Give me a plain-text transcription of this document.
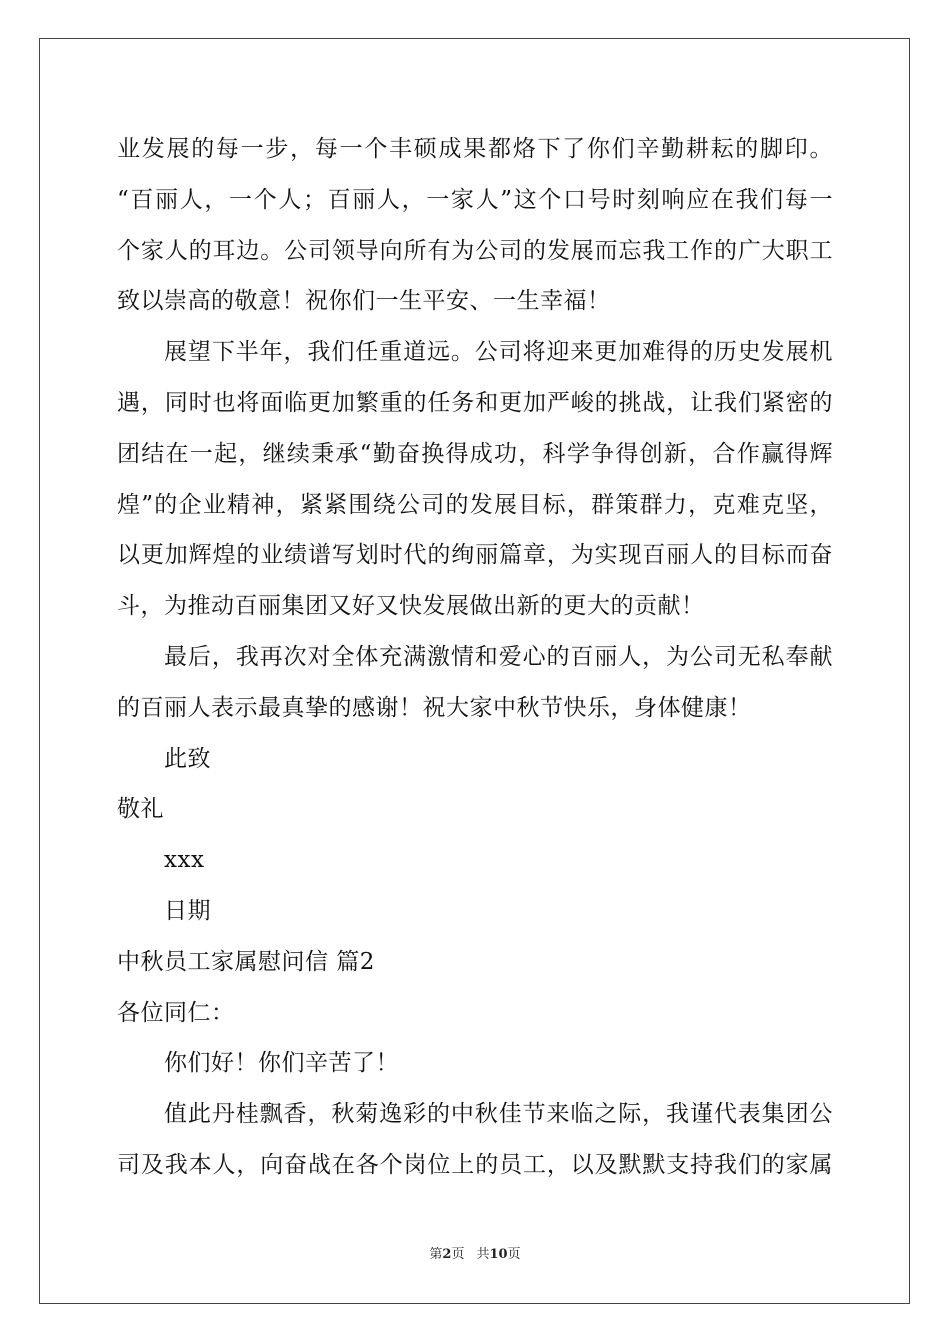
业发展的每一步，每一个丰硕成果都烙下了你们辛勤耕耘的脚印。
“百丽人，一个人；百丽人，一家人”这个口号时刻响应在我们每一
个家人的耳边。公司领导向所有为公司的发展而忘我工作的广大职工
致以崇高的敬意！祝你们一生平安、一生幸福！
展望下半年，我们任重道远。公司将迎来更加难得的历史发展机
遇，同时也将面临更加繁重的任务和更加严峻的挑战，让我们紧密的
团结在一起，继续秉承“勤奋换得成功，科学争得创新，合作赢得辉
煌”的企业精神，紧紧围绕公司的发展目标，群策群力，克难克坚，
以更加辉煌的业绩谱写划时代的绚丽篇章，为实现百丽人的目标而奋
斗，为推动百丽集团又好又快发展做出新的更大的贡献！
最后，我再次对全体充满激情和爱心的百丽人，为公司无私奉献
的百丽人表示最真挚的感谢！祝大家中秋节快乐，身体健康！
此致
敬礼
xxx
日期
中秋员工家属慰问信 篇2
各位同仁：
你们好！你们辛苦了！
值此丹桂飘香，秋菊逸彩的中秋佳节来临之际，我谨代表集团公
司及我本人，向奋战在各个岗位上的员工，以及默默支持我们的家属
第2页 共10页
